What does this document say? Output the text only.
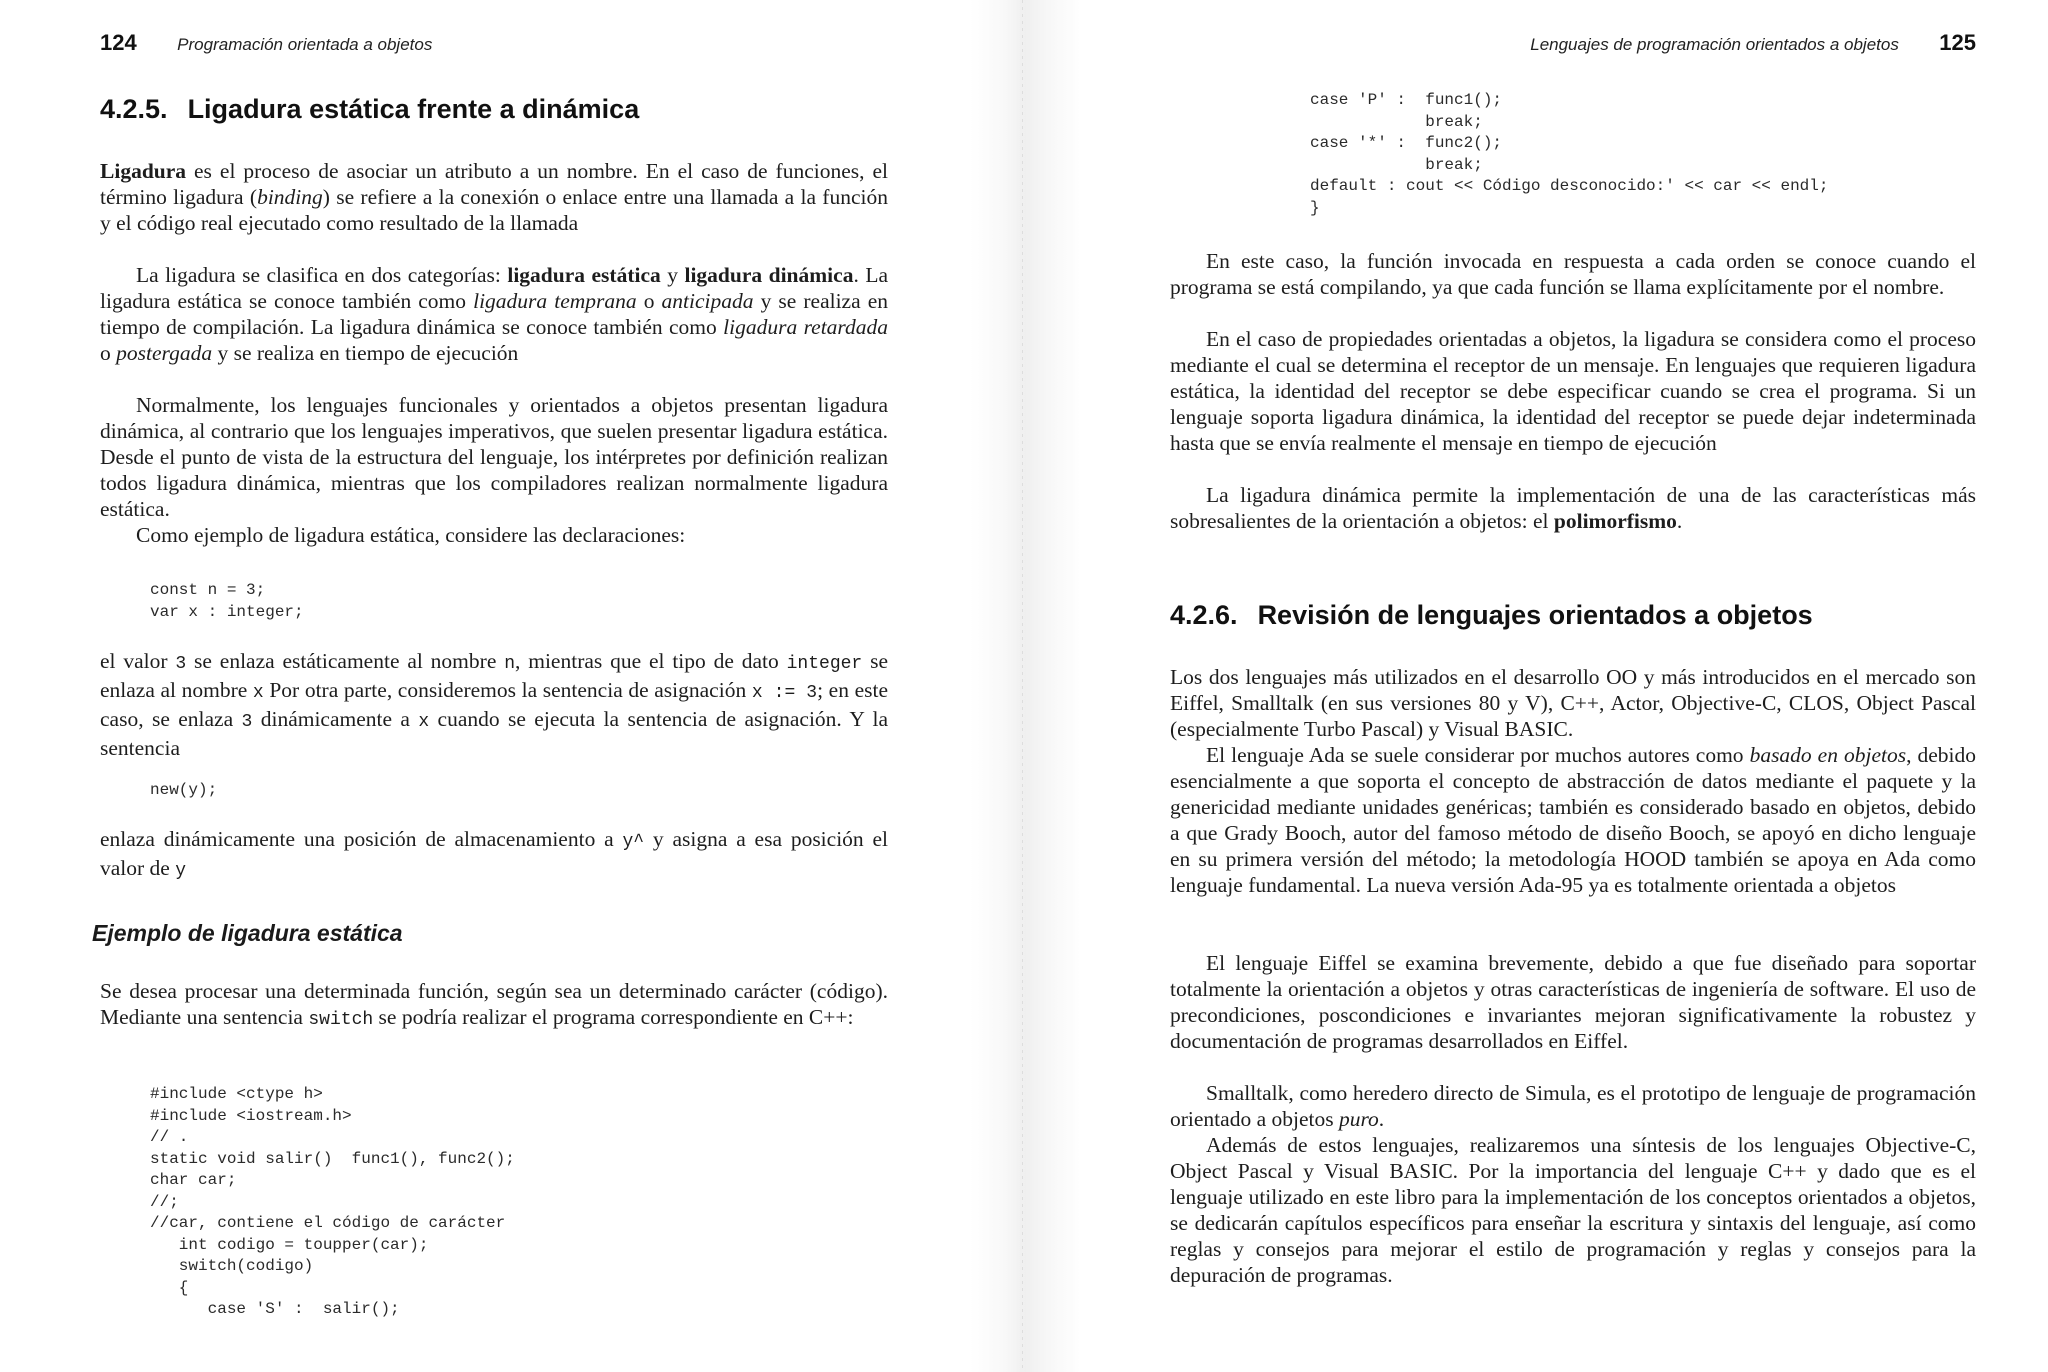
124 Programación orientada a objetos
4.2.5. Ligadura estática frente a dinámica

Ligadura es el proceso de asociar un atributo a un nombre. En el caso de funciones, el término ligadura (binding) se refiere a la conexión o enlace entre una llamada a la función y el código real ejecutado como resultado de la llamada

La ligadura se clasifica en dos categorías: ligadura estática y ligadura dinámica. La ligadura estática se conoce también como ligadura temprana o anticipada y se realiza en tiempo de compilación. La ligadura dinámica se conoce también como ligadura retardada o postergada y se realiza en tiempo de ejecución

Normalmente, los lenguajes funcionales y orientados a objetos presentan ligadura dinámica, al contrario que los lenguajes imperativos, que suelen presentar ligadura estática. Desde el punto de vista de la estructura del lenguaje, los intérpretes por definición realizan todos ligadura dinámica, mientras que los compiladores realizan normalmente ligadura estática.

Como ejemplo de ligadura estática, considere las declaraciones:

const n = 3;
var x : integer;

el valor 3 se enlaza estáticamente al nombre n, mientras que el tipo de dato integer se enlaza al nombre x Por otra parte, consideremos la sentencia de asignación x := 3; en este caso, se enlaza 3 dinámicamente a x cuando se ejecuta la sentencia de asignación. Y la sentencia

new(y);

enlaza dinámicamente una posición de almacenamiento a y^ y asigna a esa posición el valor de y

Ejemplo de ligadura estática

Se desea procesar una determinada función, según sea un determinado carácter (código). Mediante una sentencia switch se podría realizar el programa correspondiente en C++:

#include <ctype h>
#include <iostream.h>
// .
static void salir()  func1(), func2();
char car;
//;
//car, contiene el código de carácter
int codigo = toupper(car);
switch(codigo)
{
case 'S' :  salir();
Lenguajes de programación orientados a objetos 125
case 'P' :  func1();
break;
case '*' :  func2();
break;
default : cout << Código desconocido:' << car << endl;
}

En este caso, la función invocada en respuesta a cada orden se conoce cuando el programa se está compilando, ya que cada función se llama explícitamente por el nombre.

En el caso de propiedades orientadas a objetos, la ligadura se considera como el proceso mediante el cual se determina el receptor de un mensaje. En lenguajes que requieren ligadura estática, la identidad del receptor se debe especificar cuando se crea el programa. Si un lenguaje soporta ligadura dinámica, la identidad del receptor se puede dejar indeterminada hasta que se envía realmente el mensaje en tiempo de ejecución

La ligadura dinámica permite la implementación de una de las características más sobresalientes de la orientación a objetos: el polimorfismo.

4.2.6. Revisión de lenguajes orientados a objetos

Los dos lenguajes más utilizados en el desarrollo OO y más introducidos en el mercado son Eiffel, Smalltalk (en sus versiones 80 y V), C++, Actor, Objective-C, CLOS, Object Pascal (especialmente Turbo Pascal) y Visual BASIC.

El lenguaje Ada se suele considerar por muchos autores como basado en objetos, debido esencialmente a que soporta el concepto de abstracción de datos mediante el paquete y la genericidad mediante unidades genéricas; también es considerado basado en objetos, debido a que Grady Booch, autor del famoso método de diseño Booch, se apoyó en dicho lenguaje en su primera versión del método; la metodología HOOD también se apoya en Ada como lenguaje fundamental. La nueva versión Ada-95 ya es totalmente orientada a objetos

El lenguaje Eiffel se examina brevemente, debido a que fue diseñado para soportar totalmente la orientación a objetos y otras características de ingeniería de software. El uso de precondiciones, poscondiciones e invariantes mejoran significativamente la robustez y documentación de programas desarrollados en Eiffel.

Smalltalk, como heredero directo de Simula, es el prototipo de lenguaje de programación orientado a objetos puro.

Además de estos lenguajes, realizaremos una síntesis de los lenguajes Objective-C, Object Pascal y Visual BASIC. Por la importancia del lenguaje C++ y dado que es el lenguaje utilizado en este libro para la implementación de los conceptos orientados a objetos, se dedicarán capítulos específicos para enseñar la escritura y sintaxis del lenguaje, así como reglas y consejos para mejorar el estilo de programación y reglas y consejos para la depuración de programas.
